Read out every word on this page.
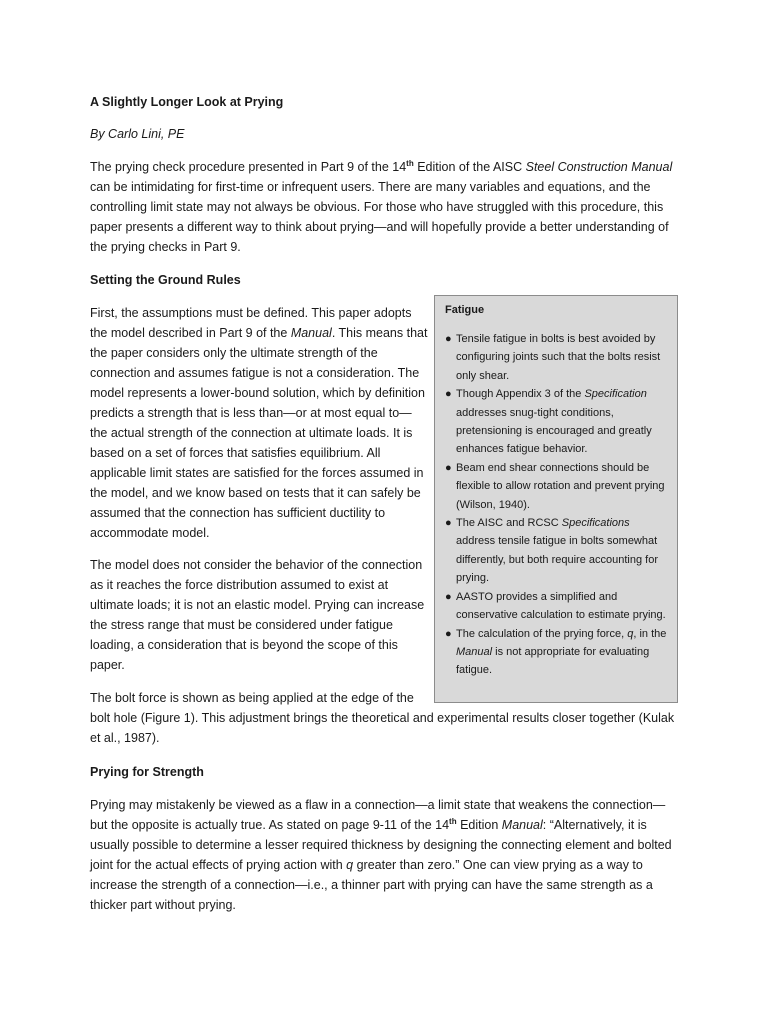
A Slightly Longer Look at Prying

By Carlo Lini, PE

The prying check procedure presented in Part 9 of the 14th Edition of the AISC Steel Construction Manual can be intimidating for first-time or infrequent users. There are many variables and equations, and the controlling limit state may not always be obvious. For those who have struggled with this procedure, this paper presents a different way to think about prying—and will hopefully provide a better understanding of the prying checks in Part 9.

Setting the Ground Rules

First, the assumptions must be defined. This paper adopts the model described in Part 9 of the Manual. This means that the paper considers only the ultimate strength of the connection and assumes fatigue is not a consideration. The model represents a lower-bound solution, which by definition predicts a strength that is less than—or at most equal to—the actual strength of the connection at ultimate loads. It is based on a set of forces that satisfies equilibrium. All applicable limit states are satisfied for the forces assumed in the model, and we know based on tests that it can safely be assumed that the connection has sufficient ductility to accommodate model.

The model does not consider the behavior of the connection as it reaches the force distribution assumed to exist at ultimate loads; it is not an elastic model. Prying can increase the stress range that must be considered under fatigue loading, a consideration that is beyond the scope of this paper.

The bolt force is shown as being applied at the edge of the
bolt hole (Figure 1). This adjustment brings the theoretical and experimental results closer together (Kulak et al., 1987).

Fatigue

● Tensile fatigue in bolts is best avoided by configuring joints such that the bolts resist only shear.
● Though Appendix 3 of the Specification addresses snug-tight conditions, pretensioning is encouraged and greatly enhances fatigue behavior.
● Beam end shear connections should be flexible to allow rotation and prevent prying (Wilson, 1940).
● The AISC and RCSC Specifications address tensile fatigue in bolts somewhat differently, but both require accounting for prying.
● AASTO provides a simplified and conservative calculation to estimate prying.
● The calculation of the prying force, q, in the Manual is not appropriate for evaluating fatigue.

Prying for Strength

Prying may mistakenly be viewed as a flaw in a connection—a limit state that weakens the connection—but the opposite is actually true. As stated on page 9-11 of the 14th Edition Manual: “Alternatively, it is usually possible to determine a lesser required thickness by designing the connecting element and bolted joint for the actual effects of prying action with q greater than zero.” One can view prying as a way to increase the strength of a connection—i.e., a thinner part with prying can have the same strength as a thicker part without prying.
